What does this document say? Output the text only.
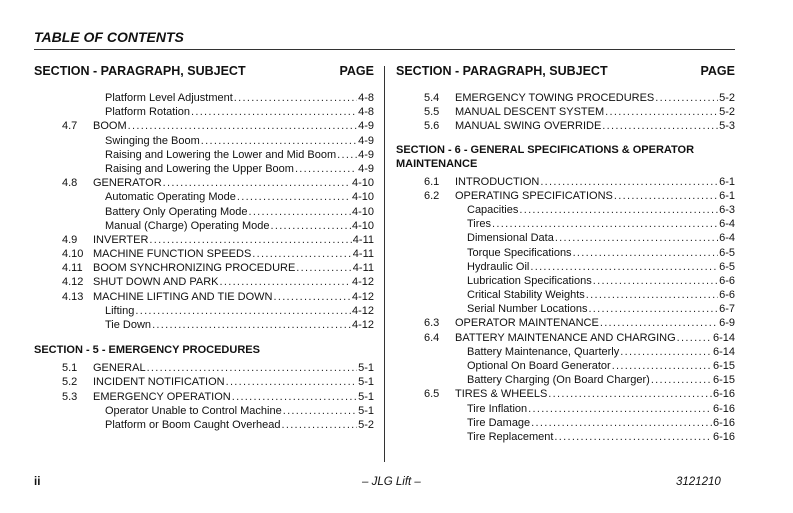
TABLE OF CONTENTS
SECTION - PARAGRAPH, SUBJECT	PAGE
Platform Level Adjustment .....	4-8
Platform Rotation .....	4-8
4.7 BOOM .....	4-9
Swinging the Boom .....	4-9
Raising and Lowering the Lower and Mid Boom ..... 4-9
Raising and Lowering the Upper Boom .....	4-9
4.8 GENERATOR .....	4-10
Automatic Operating Mode .....	4-10
Battery Only Operating Mode .....	4-10
Manual (Charge) Operating Mode .....	4-10
4.9 INVERTER .....	4-11
4.10 MACHINE FUNCTION SPEEDS .....	4-11
4.11 BOOM SYNCHRONIZING PROCEDURE .....	4-11
4.12 SHUT DOWN AND PARK .....	4-12
4.13 MACHINE LIFTING AND TIE DOWN .....	4-12
Lifting .....	4-12
Tie Down .....	4-12
SECTION - 5 - EMERGENCY PROCEDURES
5.1 GENERAL .....	5-1
5.2 INCIDENT NOTIFICATION .....	5-1
5.3 EMERGENCY OPERATION .....	5-1
Operator Unable to Control Machine .....	5-1
Platform or Boom Caught Overhead .....	5-2
SECTION - PARAGRAPH, SUBJECT	PAGE
5.4 EMERGENCY TOWING PROCEDURES .....	5-2
5.5 MANUAL DESCENT SYSTEM .....	5-2
5.6 MANUAL SWING OVERRIDE .....	5-3
SECTION - 6 - GENERAL SPECIFICATIONS & OPERATOR MAINTENANCE
6.1 INTRODUCTION .....	6-1
6.2 OPERATING SPECIFICATIONS .....	6-1
Capacities .....	6-3
Tires .....	6-4
Dimensional Data .....	6-4
Torque Specifications .....	6-5
Hydraulic Oil .....	6-5
Lubrication Specifications .....	6-6
Critical Stability Weights .....	6-6
Serial Number Locations .....	6-7
6.3 OPERATOR MAINTENANCE .....	6-9
6.4 BATTERY MAINTENANCE AND CHARGING .....	6-14
Battery Maintenance, Quarterly .....	6-14
Optional On Board Generator .....	6-15
Battery Charging (On Board Charger) .....	6-15
6.5 TIRES & WHEELS .....	6-16
Tire Inflation .....	6-16
Tire Damage .....	6-16
Tire Replacement .....	6-16
ii	– JLG Lift –	3121210
